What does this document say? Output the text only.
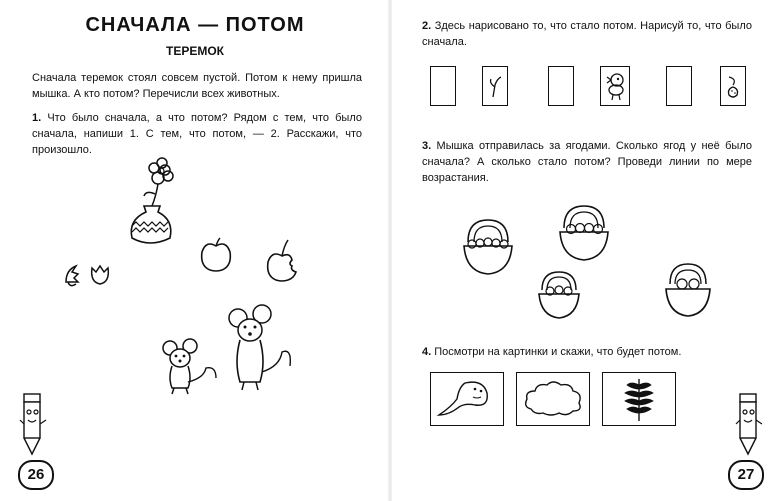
СНАЧАЛА — ПОТОМ
ТЕРЕМОК
Сначала теремок стоял совсем пустой. Потом к нему пришла мышка. А кто потом? Перечисли всех животных.
1. Что было сначала, а что потом? Рядом с тем, что было сначала, напиши 1. С тем, что потом, — 2. Расскажи, что произошло.
26
2. Здесь нарисовано то, что стало потом. Нарисуй то, что было сначала.
3. Мышка отправилась за ягодами. Сколько ягод у неё было сначала? А сколько стало потом? Проведи линии по мере возрастания.
4. Посмотри на картинки и скажи, что будет потом.
27
